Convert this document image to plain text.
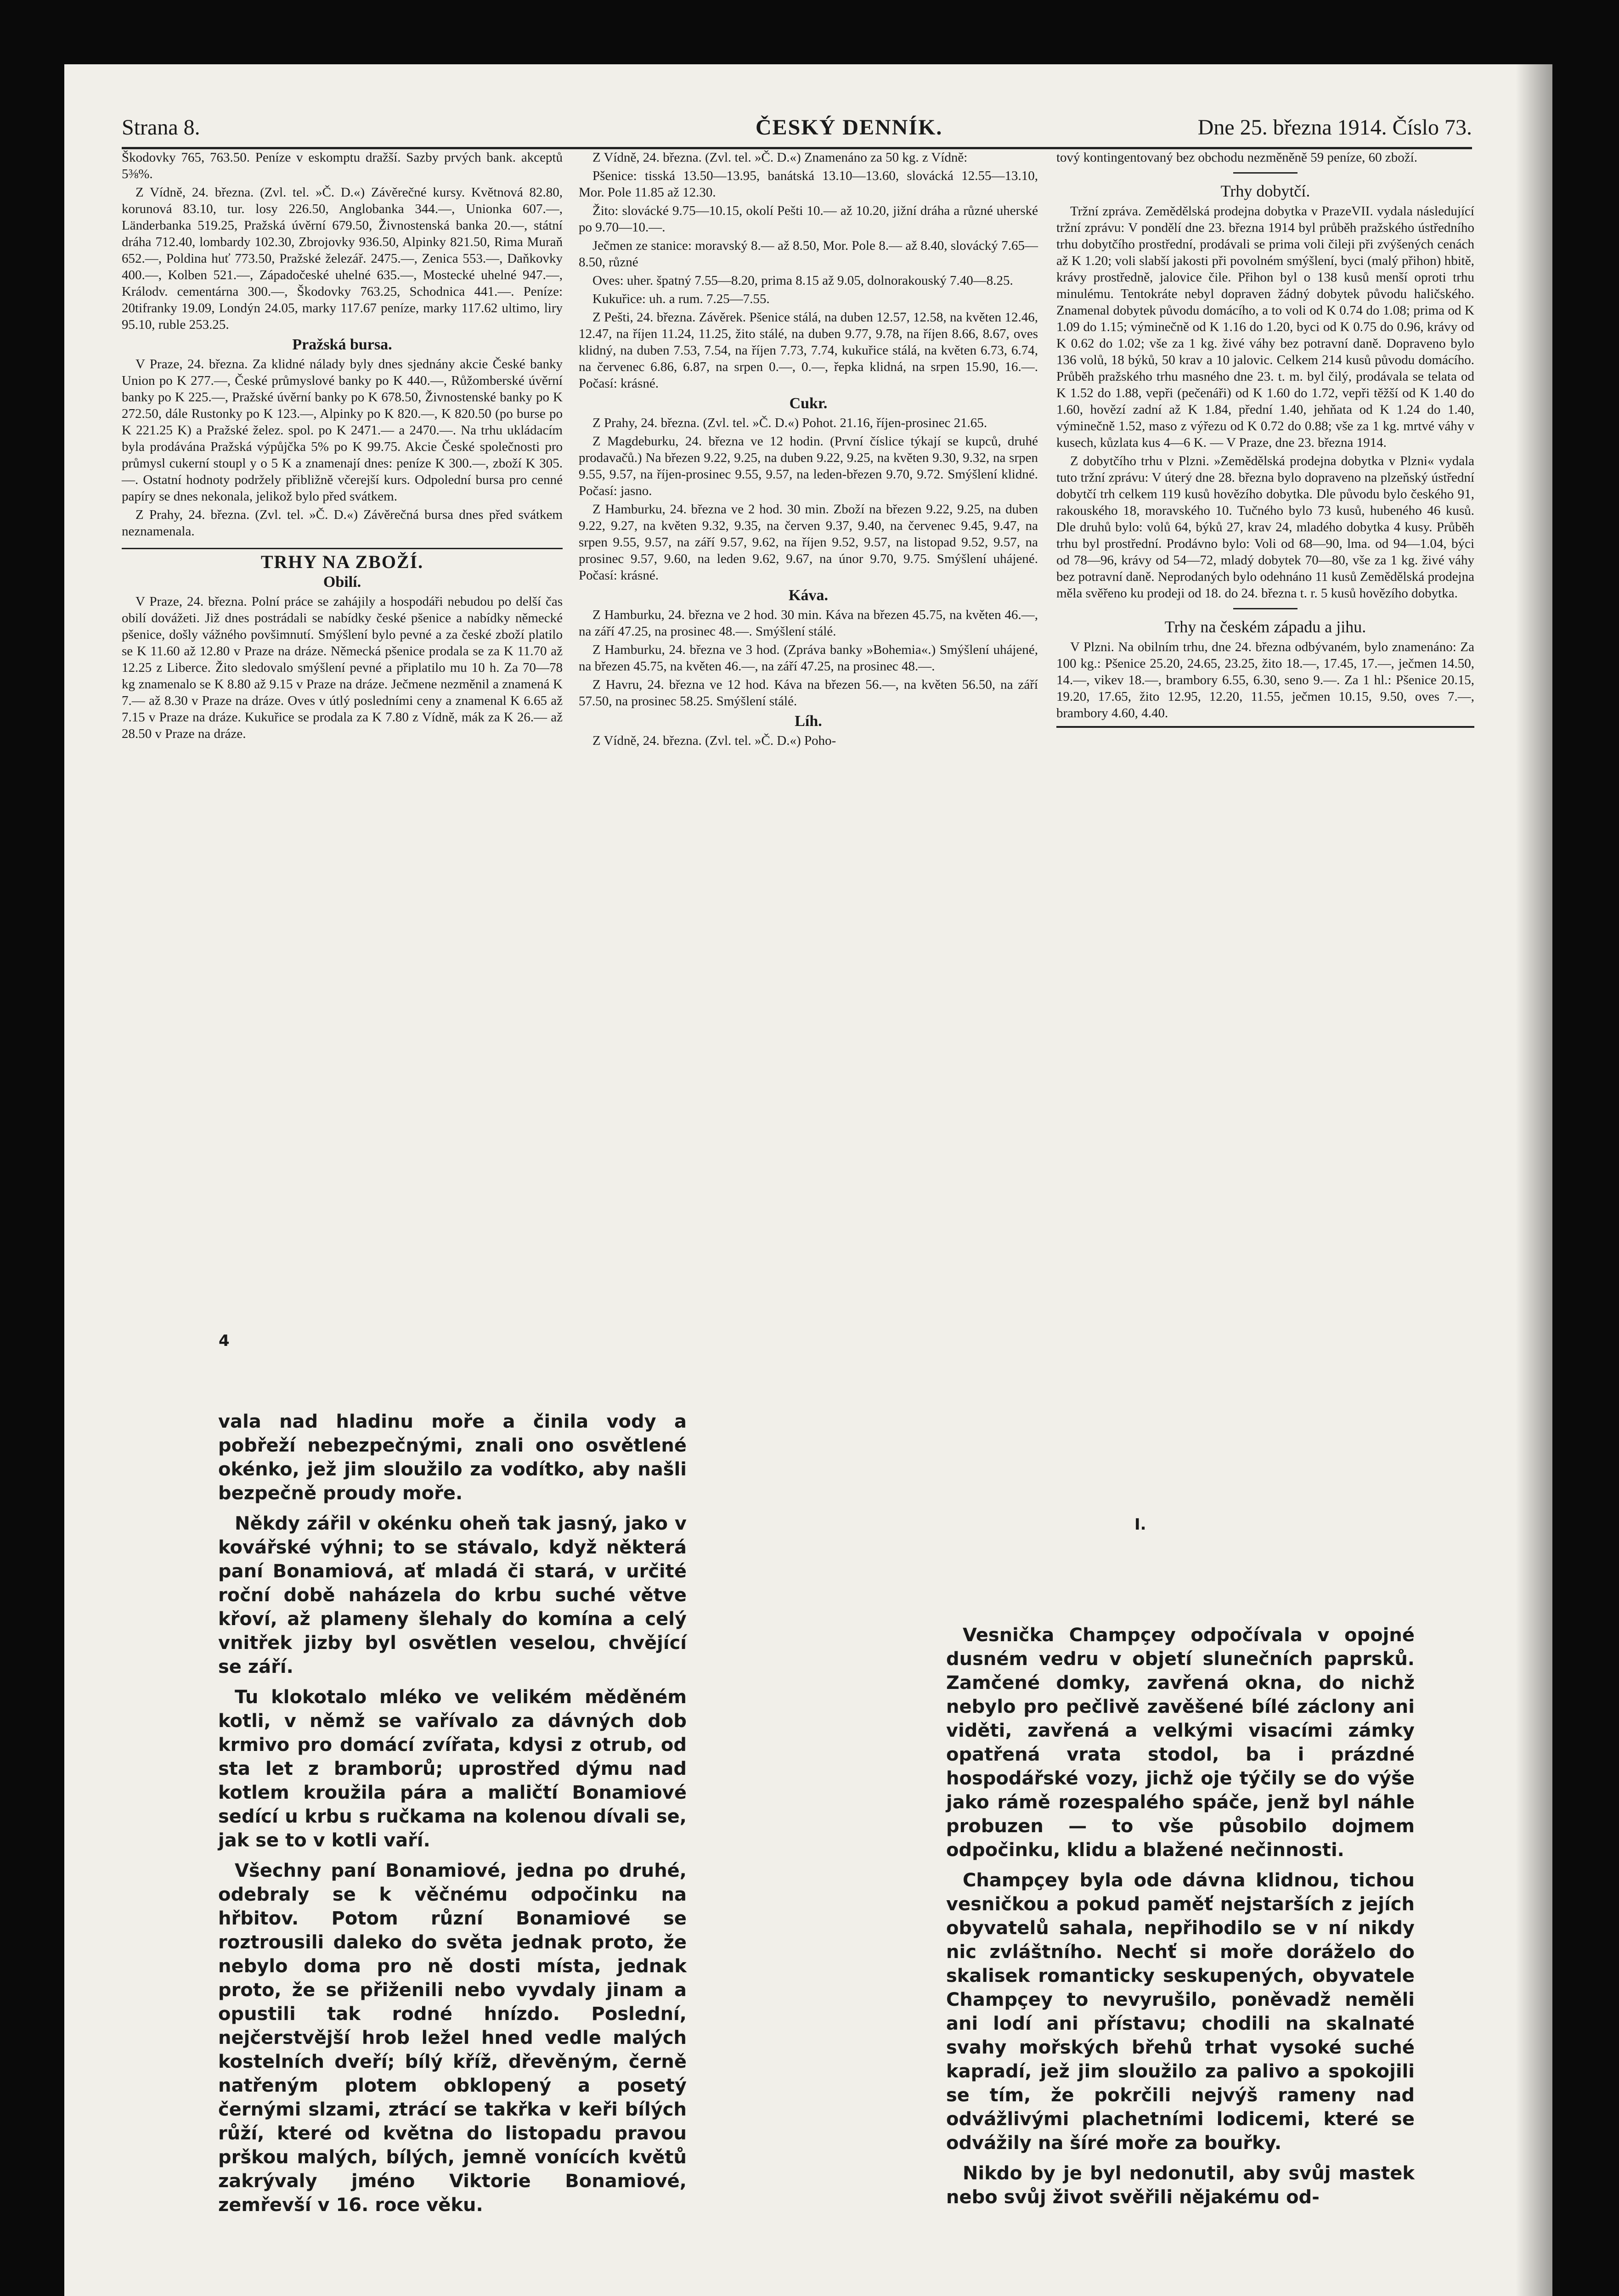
Strana 8.	ČESKÝ DENNÍK.	Dne 25. března 1914. Číslo 73.

Škodovky 765, 763.50. Peníze v eskomptu dražší. Sazby prvých bank. akceptů 5⅜%.

Z Vídně, 24. března. (Zvl. tel. »Č. D.«) Závěrečné kursy. Květnová 82.80, korunová 83.10, tur. losy 226.50, Anglobanka 344.—, Unionka 607.—, Länderbanka 519.25, Pražská úvěrní 679.50, Živnostenská banka 20.—, státní dráha 712.40, lombardy 102.30, Zbrojovky 936.50, Alpinky 821.50, Rima Muraň 652.—, Poldina huť 773.50, Pražské železář. 2475.—, Zenica 553.—, Daňkovky 400.—, Kolben 521.—, Západočeské uhelné 635.—, Mostecké uhelné 947.—, Králodv. cementárna 300.—, Škodovky 763.25, Schodnica 441.—. Peníze: 20tifranky 19.09, Londýn 24.05, marky 117.67 peníze, marky 117.62 ultimo, liry 95.10, ruble 253.25.

Pražská bursa.

V Praze, 24. března. Za klidné nálady byly dnes sjednány akcie České banky Union po K 277.—, České průmyslové banky po K 440.—, Růžomberské úvěrní banky po K 225.—, Pražské úvěrní banky po K 678.50, Živnostenské banky po K 272.50, dále Rustonky po K 123.—, Alpinky po K 820.—, K 820.50 (po burse po K 221.25 K) a Pražské želez. spol. po K 2471.— a 2470.—. Na trhu ukládacím byla prodávána Pražská výpůjčka 5% po K 99.75. Akcie České společnosti pro průmysl cukerní stoupl y o 5 K a znamenají dnes: peníze K 300.—, zboží K 305.—. Ostatní hodnoty podržely přibližně včerejší kurs. Odpolední bursa pro cenné papíry se dnes nekonala, jelikož bylo před svátkem.

Z Prahy, 24. března. (Zvl. tel. »Č. D.«) Závěrečná bursa dnes před svátkem neznamenala.

TRHY NA ZBOŽÍ.
Obilí.

V Praze, 24. března. Polní práce se zahájily a hospodáři nebudou po delší čas obilí dovážeti. Již dnes postrádali se nabídky české pšenice a nabídky německé pšenice, došly vážného povšimnutí. Smýšlení bylo pevné a za české zboží platilo se K 11.60 až 12.80 v Praze na dráze. Německá pšenice prodala se za K 11.70 až 12.25 z Liberce. Žito sledovalo smýšlení pevné a připlatilo mu 10 h. Za 70—78 kg znamenalo se K 8.80 až 9.15 v Praze na dráze. Ječmene nezměnil a znamená K 7.— až 8.30 v Praze na dráze. Oves v útlý posledními ceny a znamenal K 6.65 až 7.15 v Praze na dráze. Kukuřice se prodala za K 7.80 z Vídně, mák za K 26.— až 28.50 v Praze na dráze.

Z Vídně, 24. března. (Zvl. tel. »Č. D.«) Znamenáno za 50 kg. z Vídně:

Pšenice: tisská 13.50—13.95, banátská 13.10—13.60, slovácká 12.55—13.10, Mor. Pole 11.85 až 12.30.

Žito: slovácké 9.75—10.15, okolí Pešti 10.— až 10.20, jižní dráha a různé uherské po 9.70—10.—.

Ječmen ze stanice: moravský 8.— až 8.50, Mor. Pole 8.— až 8.40, slovácký 7.65—8.50, různé

Oves: uher. špatný 7.55—8.20, prima 8.15 až 9.05, dolnorakouský 7.40—8.25.

Kukuřice: uh. a rum. 7.25—7.55.

Z Pešti, 24. března. Závěrek. Pšenice stálá, na duben 12.57, 12.58, na květen 12.46, 12.47, na říjen 11.24, 11.25, žito stálé, na duben 9.77, 9.78, na říjen 8.66, 8.67, oves klidný, na duben 7.53, 7.54, na říjen 7.73, 7.74, kukuřice stálá, na květen 6.73, 6.74, na červenec 6.86, 6.87, na srpen 0.—, 0.—, řepka klidná, na srpen 15.90, 16.—. Počasí: krásné.

Cukr.

Z Prahy, 24. března. (Zvl. tel. »Č. D.«) Pohot. 21.16, říjen-prosinec 21.65.

Z Magdeburku, 24. března ve 12 hodin. (První číslice týkají se kupců, druhé prodavačů.) Na březen 9.22, 9.25, na duben 9.22, 9.25, na květen 9.30, 9.32, na srpen 9.55, 9.57, na říjen-prosinec 9.55, 9.57, na leden-březen 9.70, 9.72. Smýšlení klidné. Počasí: jasno.

Z Hamburku, 24. března ve 2 hod. 30 min. Zboží na březen 9.22, 9.25, na duben 9.22, 9.27, na květen 9.32, 9.35, na červen 9.37, 9.40, na červenec 9.45, 9.47, na srpen 9.55, 9.57, na září 9.57, 9.62, na říjen 9.52, 9.57, na listopad 9.52, 9.57, na prosinec 9.57, 9.60, na leden 9.62, 9.67, na únor 9.70, 9.75. Smýšlení uhájené. Počasí: krásné.

Káva.

Z Hamburku, 24. března ve 2 hod. 30 min. Káva na březen 45.75, na květen 46.—, na září 47.25, na prosinec 48.—. Smýšlení stálé.

Z Hamburku, 24. března ve 3 hod. (Zpráva banky »Bohemia«.) Smýšlení uhájené, na březen 45.75, na květen 46.—, na září 47.25, na prosinec 48.—.

Z Havru, 24. března ve 12 hod. Káva na březen 56.—, na květen 56.50, na září 57.50, na prosinec 58.25. Smýšlení stálé.

Líh.

Z Vídně, 24. března. (Zvl. tel. »Č. D.«) Poho-

tový kontingentovaný bez obchodu nezměněně 59 peníze, 60 zboží.

Trhy dobytčí.

Tržní zpráva. Zemědělská prodejna dobytka v PrazeVII. vydala následující tržní zprávu: V pondělí dne 23. března 1914 byl průběh pražského ústředního trhu dobytčího prostřední, prodávali se prima voli čileji při zvýšených cenách až K 1.20; voli slabší jakosti při povolném smýšlení, byci (malý přihon) hbitě, krávy prostředně, jalovice čile. Přihon byl o 138 kusů menší oproti trhu minulému. Tentokráte nebyl dopraven žádný dobytek původu haličského. Znamenal dobytek původu domácího, a to voli od K 0.74 do 1.08; prima od K 1.09 do 1.15; výminečně od K 1.16 do 1.20, byci od K 0.75 do 0.96, krávy od K 0.62 do 1.02; vše za 1 kg. živé váhy bez potravní daně. Dopraveno bylo 136 volů, 18 býků, 50 krav a 10 jalovic. Celkem 214 kusů původu domácího. Průběh pražského trhu masného dne 23. t. m. byl čilý, prodávala se telata od K 1.52 do 1.88, vepři (pečenáři) od K 1.60 do 1.72, vepři těžší od K 1.40 do 1.60, hovězí zadní až K 1.84, přední 1.40, jehňata od K 1.24 do 1.40, výminečně 1.52, maso z výřezu od K 0.72 do 0.88; vše za 1 kg. mrtvé váhy v kusech, kůzlata kus 4—6 K. — V Praze, dne 23. března 1914.

Z dobytčího trhu v Plzni. »Zemědělská prodejna dobytka v Plzni« vydala tuto tržní zprávu: V úterý dne 28. března bylo dopraveno na plzeňský ústřední dobytčí trh celkem 119 kusů hovězího dobytka. Dle původu bylo českého 91, rakouského 18, moravského 10. Tučného bylo 73 kusů, hubeného 46 kusů. Dle druhů bylo: volů 64, býků 27, krav 24, mladého dobytka 4 kusy. Průběh trhu byl prostřední. Prodávno bylo: Voli od 68—90, lma. od 94—1.04, býci od 78—96, krávy od 54—72, mladý dobytek 70—80, vše za 1 kg. živé váhy bez potravní daně. Neprodaných bylo odehnáno 11 kusů Zemědělská prodejna měla svěřeno ku prodeji od 18. do 24. března t. r. 5 kusů hovězího dobytka.

Trhy na českém západu a jihu.

V Plzni. Na obilním trhu, dne 24. března odbývaném, bylo znamenáno: Za 100 kg.: Pšenice 25.20, 24.65, 23.25, žito 18.—, 17.45, 17.—, ječmen 14.50, 14.—, vikev 18.—, brambory 6.55, 6.30, seno 9.—. Za 1 hl.: Pšenice 20.15, 19.20, 17.65, žito 12.95, 12.20, 11.55, ječmen 10.15, 9.50, oves 7.—, brambory 4.60, 4.40.

4

vala nad hladinu moře a činila vody a pobřeží nebezpečnými, znali ono osvětlené okénko, jež jim sloužilo za vodítko, aby našli bezpečně proudy moře.

Někdy zářil v okénku oheň tak jasný, jako v kovářské výhni; to se stávalo, když některá paní Bonamiová, ať mladá či stará, v určité roční době naházela do krbu suché větve křoví, až plameny šlehaly do komína a celý vnitřek jizby byl osvětlen veselou, chvějící se září.

Tu klokotalo mléko ve velikém měděném kotli, v němž se vařívalo za dávných dob krmivo pro domácí zvířata, kdysi z otrub, od sta let z bramborů; uprostřed dýmu nad kotlem kroužila pára a maličtí Bonamiové sedící u krbu s ručkama na kolenou dívali se, jak se to v kotli vaří.

Všechny paní Bonamiové, jedna po druhé, odebraly se k věčnému odpočinku na hřbitov. Potom různí Bonamiové se roztrousili daleko do světa jednak proto, že nebylo doma pro ně dosti místa, jednak proto, že se přiženili nebo vyvdaly jinam a opustili tak rodné hnízdo. Poslední, nejčerstvější hrob ležel hned vedle malých kostelních dveří; bílý kříž, dřevěným, černě natřeným plotem obklopený a posetý černými slzami, ztrácí se takřka v keři bílých růží, které od května do listopadu pravou prškou malých, bílých, jemně vonících květů zakrývaly jméno Viktorie Bonamiové, zemřevší v 16. roce věku.

I.

Vesnička Champçey odpočívala v opojné dusném vedru v objetí slunečních paprsků. Zamčené domky, zavřená okna, do nichž nebylo pro pečlivě zavěšené bílé záclony ani viděti, zavřená a velkými visacími zámky opatřená vrata stodol, ba i prázdné hospodářské vozy, jichž oje týčily se do výše jako rámě rozespalého spáče, jenž byl náhle probuzen — to vše působilo dojmem odpočinku, klidu a blažené nečinnosti.

Champçey byla ode dávna klidnou, tichou vesničkou a pokud paměť nejstarších z jejích obyvatelů sahala, nepřihodilo se v ní nikdy nic zvláštního. Nechť si moře doráželo do skalisek romanticky seskupených, obyvatele Champçey to nevyrušilo, poněvadž neměli ani lodí ani přístavu; chodili na skalnaté svahy mořských břehů trhat vysoké suché kapradí, jež jim sloužilo za palivo a spokojili se tím, že pokrčili nejvýš rameny nad odvážlivými plachetními lodicemi, které se odvážily na šíré moře za bouřky.

Nikdo by je byl nedonutil, aby svůj mastek nebo svůj život svěřili nějakému od-
